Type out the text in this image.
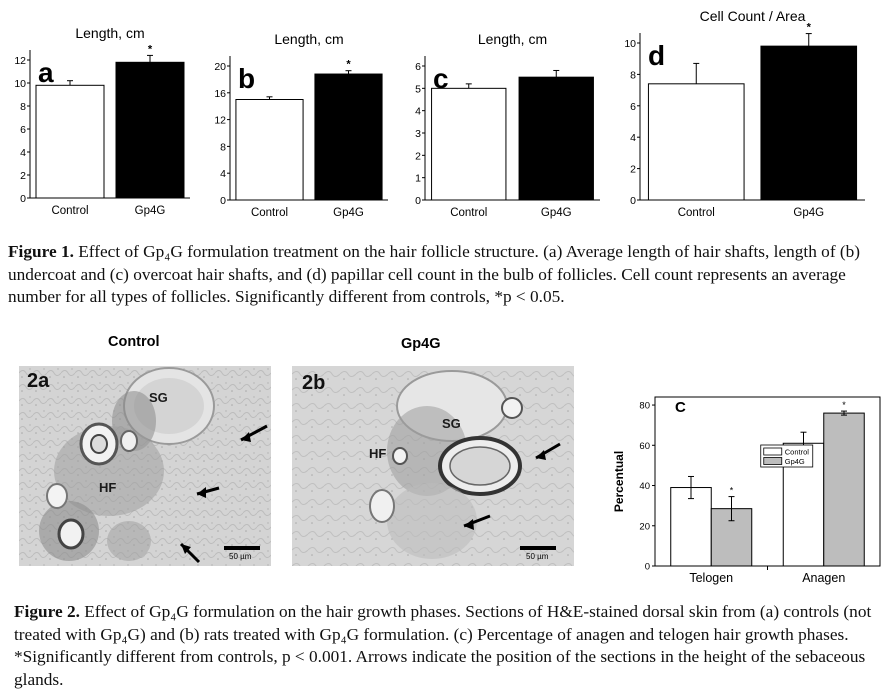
Length, cm
0
2
4
6
8
10
12
Control
*
Gp4G
a
Length, cm
0
4
8
12
16
20
Control
*
Gp4G
b
Length, cm
0
1
2
3
4
5
6
Control	Gp4G
c
Cell Count / Area
0
2
4
6
8
10
Control
*
Gp4G
d
Figure 1. Effect of Gp₄G formulation treatment on the hair follicle structure. (a) Average length of hair shafts, length of (b) undercoat and (c) overcoat hair shafts, and (d) papillar cell count in the bulb of follicles. Cell count represents an average number for all types of follicles. Significantly different from controls, *p < 0.05.
Control	Gp4G
2a
SG
HF
50 µm
2b
SG
HF
50 µm
0
20
40
60
80
Percentual	*
Telogen
*
Anagen
Control
Gp4G
C
Figure 2. Effect of Gp₄G formulation on the hair growth phases. Sections of H&E-stained dorsal skin from (a) controls (not treated with Gp₄G) and (b) rats treated with Gp₄G formulation. (c) Percentage of anagen and telogen hair growth phases. *Significantly different from controls, p < 0.001. Arrows indicate the position of the sections in the height of the sebaceous glands.
